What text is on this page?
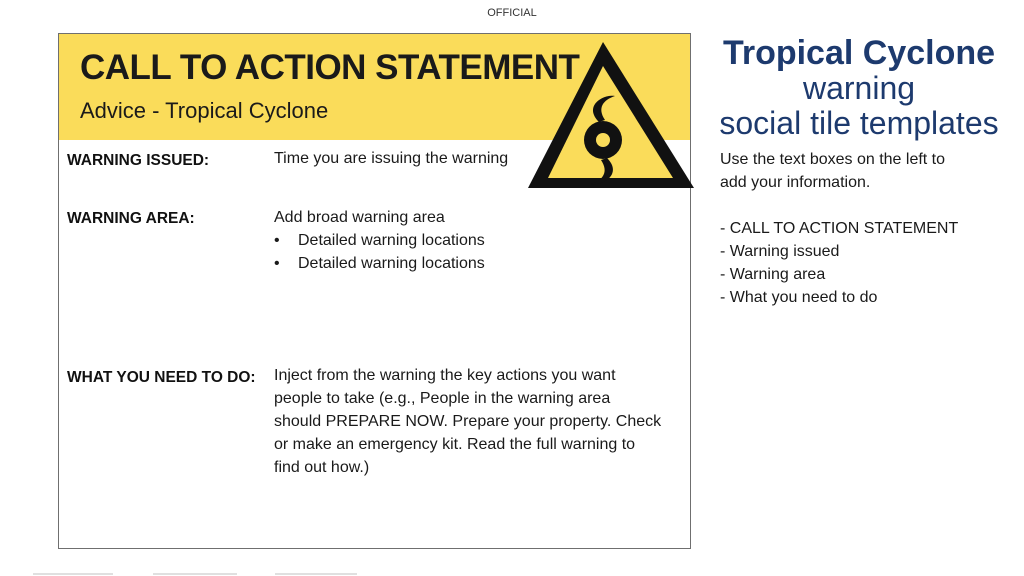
OFFICIAL
CALL TO ACTION STATEMENT
Advice - Tropical Cyclone
WARNING ISSUED:	Time you are issuing the warning
WARNING AREA:	Add broad warning area
• Detailed warning locations
• Detailed warning locations
WHAT YOU NEED TO DO: Inject from the warning the key actions you want
people to take (e.g., People in the warning area
should PREPARE NOW. Prepare your property. Check
or make an emergency kit. Read the full warning to
find out how.)
Tropical Cyclone
warning
social tile templates
Use the text boxes on the left to
add your information.
- CALL TO ACTION STATEMENT
- Warning issued
- Warning area
- What you need to do
